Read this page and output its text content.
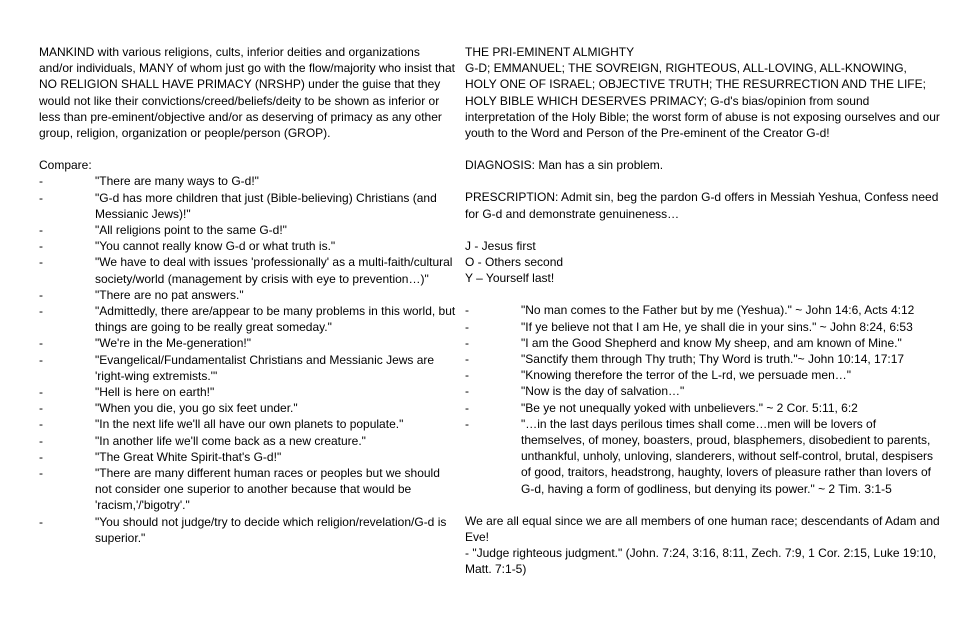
MANKIND with various religions, cults, inferior deities and organizations and/or individuals, MANY of whom just go with the flow/majority who insist that NO RELIGION SHALL HAVE PRIMACY (NRSHP) under the guise that they would not like their convictions/creed/beliefs/deity to be shown as inferior or less than pre-eminent/objective and/or as deserving of primacy as any other group, religion, organization or people/person (GROP).

Compare:

-	"There are many ways to G-d!"
-	"G-d has more children that just (Bible-believing) Christians (and Messianic Jews)!"
-	"All religions point to the same G-d!"
-	"You cannot really know G-d or what truth is."
-	"We have to deal with issues 'professionally' as a multi-faith/cultural society/world (management by crisis with eye to prevention…)"
-	"There are no pat answers."
-	"Admittedly, there are/appear to be many problems in this world, but things are going to be really great someday."
-	"We're in the Me-generation!"
-	"Evangelical/Fundamentalist Christians and Messianic Jews are 'right-wing extremists.'"
-	"Hell is here on earth!"
-	"When you die, you go six feet under."
-	"In the next life we'll all have our own planets to populate."
-	"In another life we'll come back as a new creature."
-	"The Great White Spirit-that's G-d!"
-	"There are many different human races or peoples but we should not consider one superior to another because that would be 'racism,'/'bigotry'."
-	"You should not judge/try to decide which religion/revelation/G-d is superior."

THE PRI-EMINENT ALMIGHTY

G-D; EMMANUEL; THE SOVREIGN, RIGHTEOUS, ALL-LOVING, ALL-KNOWING, HOLY ONE OF ISRAEL; OBJECTIVE TRUTH; THE RESURRECTION AND THE LIFE; HOLY BIBLE WHICH DESERVES PRIMACY; G-d's bias/opinion from sound interpretation of the Holy Bible; the worst form of abuse is not exposing ourselves and our youth to the Word and Person of the Pre-eminent of the Creator G-d!

DIAGNOSIS: Man has a sin problem.

PRESCRIPTION: Admit sin, beg the pardon G-d offers in Messiah Yeshua, Confess need for G-d and demonstrate genuineness…

J - Jesus first

O - Others second

Y – Yourself last!

-	"No man comes to the Father but by me (Yeshua)." ~ John 14:6, Acts 4:12
-	"If ye believe not that I am He, ye shall die in your sins." ~ John 8:24, 6:53
-	"I am the Good Shepherd and know My sheep, and am known of Mine."
-	"Sanctify them through Thy truth; Thy Word is truth."~ John 10:14, 17:17
-	"Knowing therefore the terror of the L-rd, we persuade men…"
-	"Now is the day of salvation…"
-	"Be ye not unequally yoked with unbelievers." ~ 2 Cor. 5:11, 6:2
-	"…in the last days perilous times shall come…men will be lovers of themselves, of money, boasters, proud, blasphemers, disobedient to parents, unthankful, unholy, unloving, slanderers, without self-control, brutal, despisers of good, traitors, headstrong, haughty, lovers of pleasure rather than lovers of G-d, having a form of godliness, but denying its power." ~ 2 Tim. 3:1-5

We are all equal since we are all members of one human race; descendants of Adam and Eve!

- "Judge righteous judgment." (John. 7:24, 3:16, 8:11, Zech. 7:9, 1 Cor. 2:15, Luke 19:10, Matt. 7:1-5)
